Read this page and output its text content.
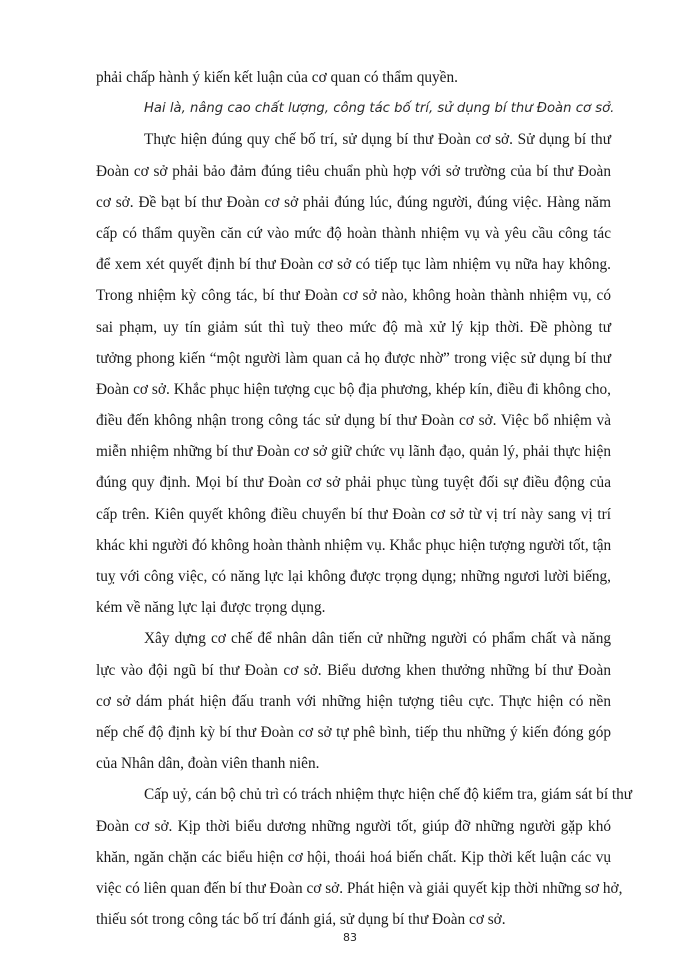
phải chấp hành ý kiến kết luận của cơ quan có thẩm quyền.
Hai là, nâng cao chất lượng, công tác bố trí, sử dụng bí thư Đoàn cơ sở.
Thực hiện đúng quy chế bố trí, sử dụng bí thư Đoàn cơ sở. Sử dụng bí thư
Đoàn cơ sở phải bảo đảm đúng tiêu chuẩn phù hợp với sở trường của bí thư Đoàn
cơ sở. Đề bạt bí thư Đoàn cơ sở phải đúng lúc, đúng người, đúng việc. Hàng năm
cấp có thẩm quyền căn cứ vào mức độ hoàn thành nhiệm vụ và yêu cầu công tác
để xem xét quyết định bí thư Đoàn cơ sở có tiếp tục làm nhiệm vụ nữa hay không.
Trong nhiệm kỳ công tác, bí thư Đoàn cơ sở nào, không hoàn thành nhiệm vụ, có
sai phạm, uy tín giảm sút thì tuỳ theo mức độ mà xử lý kịp thời. Đề phòng tư
tưởng phong kiến “một người làm quan cả họ được nhờ” trong việc sử dụng bí thư
Đoàn cơ sở. Khắc phục hiện tượng cục bộ địa phương, khép kín, điều đi không cho,
điều đến không nhận trong công tác sử dụng bí thư Đoàn cơ sở. Việc bổ nhiệm và
miễn nhiệm những bí thư Đoàn cơ sở giữ chức vụ lãnh đạo, quản lý, phải thực hiện
đúng quy định. Mọi bí thư Đoàn cơ sở phải phục tùng tuyệt đối sự điều động của
cấp trên. Kiên quyết không điều chuyển bí thư Đoàn cơ sở từ vị trí này sang vị trí
khác khi người đó không hoàn thành nhiệm vụ. Khắc phục hiện tượng người tốt, tận
tuỵ với công việc, có năng lực lại không được trọng dụng; những ngươi lười biếng,
kém về năng lực lại được trọng dụng.
Xây dựng cơ chế để nhân dân tiến cử những người có phẩm chất và năng
lực vào đội ngũ bí thư Đoàn cơ sở. Biểu dương khen thưởng những bí thư Đoàn
cơ sở dám phát hiện đấu tranh với những hiện tượng tiêu cực. Thực hiện có nền
nếp chế độ định kỳ bí thư Đoàn cơ sở tự phê bình, tiếp thu những ý kiến đóng góp
của Nhân dân, đoàn viên thanh niên.
Cấp uỷ, cán bộ chủ trì có trách nhiệm thực hiện chế độ kiểm tra, giám sát bí thư
Đoàn cơ sở. Kịp thời biểu dương những người tốt, giúp đỡ những người gặp khó
khăn, ngăn chặn các biểu hiện cơ hội, thoái hoá biến chất. Kịp thời kết luận các vụ
việc có liên quan đến bí thư Đoàn cơ sở. Phát hiện và giải quyết kịp thời những sơ hở,
thiếu sót trong công tác bố trí đánh giá, sử dụng bí thư Đoàn cơ sở.
83
